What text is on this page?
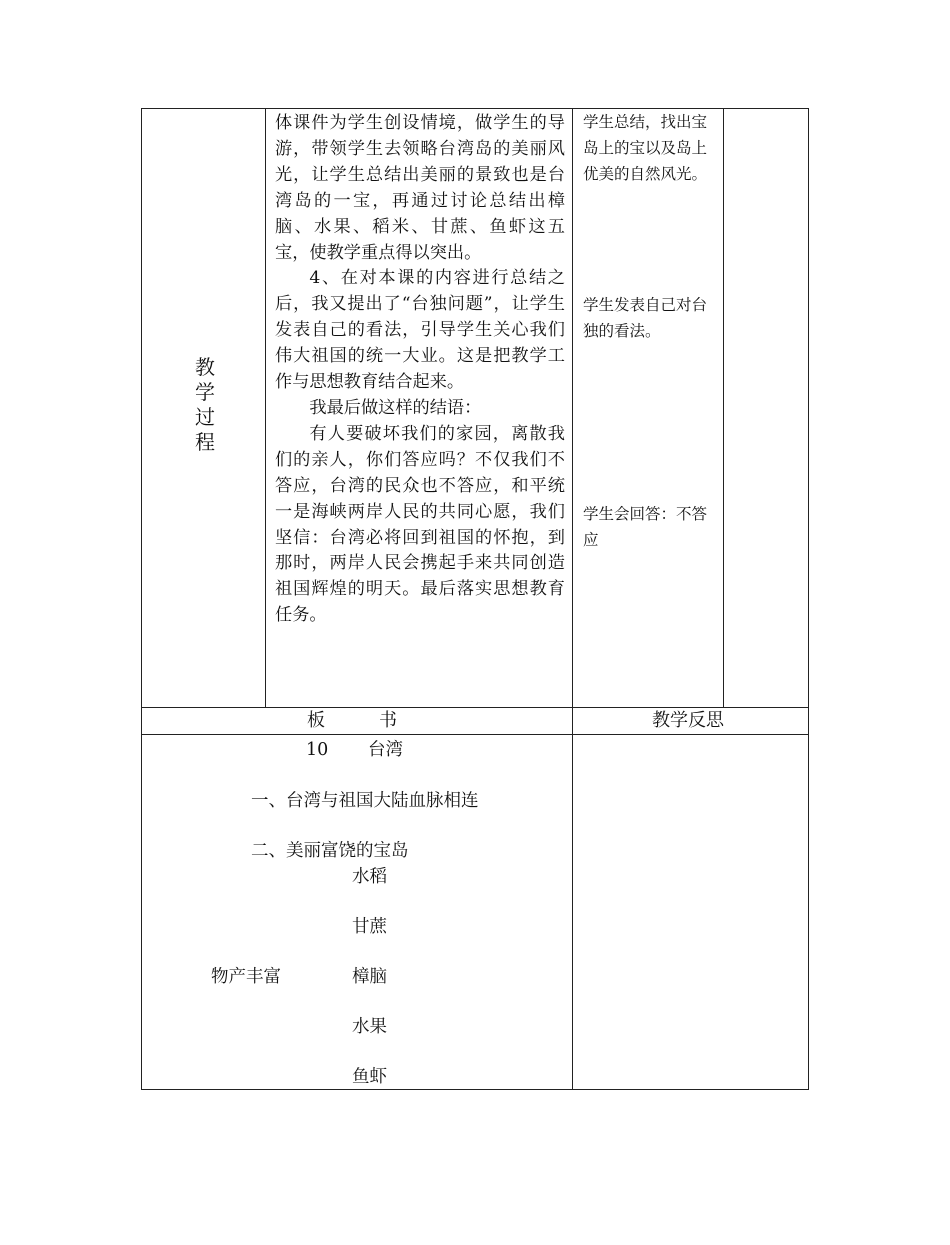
教
学
过
程

体课件为学生创设情境，做学生的导游，带领学生去领略台湾岛的美丽风光，让学生总结出美丽的景致也是台湾岛的一宝，再通过讨论总结出樟脑、水果、稻米、甘蔗、鱼虾这五宝，使教学重点得以突出。

4、在对本课的内容进行总结之后，我又提出了“台独问题”，让学生发表自己的看法，引导学生关心我们伟大祖国的统一大业。这是把教学工作与思想教育结合起来。

我最后做这样的结语：

有人要破坏我们的家园，离散我们的亲人，你们答应吗？不仅我们不答应，台湾的民众也不答应，和平统一是海峡两岸人民的共同心愿，我们坚信：台湾必将回到祖国的怀抱，到那时，两岸人民会携起手来共同创造祖国辉煌的明天。最后落实思想教育任务。

学生总结，找出宝岛上的宝以及岛上优美的自然风光。
学生发表自己对台独的看法。
学生会回答：不答应
板　　　书	教学反思
10 台湾
一、台湾与祖国大陆血脉相连
二、美丽富饶的宝岛
物产丰富
水稻
甘蔗
樟脑
水果
鱼虾
